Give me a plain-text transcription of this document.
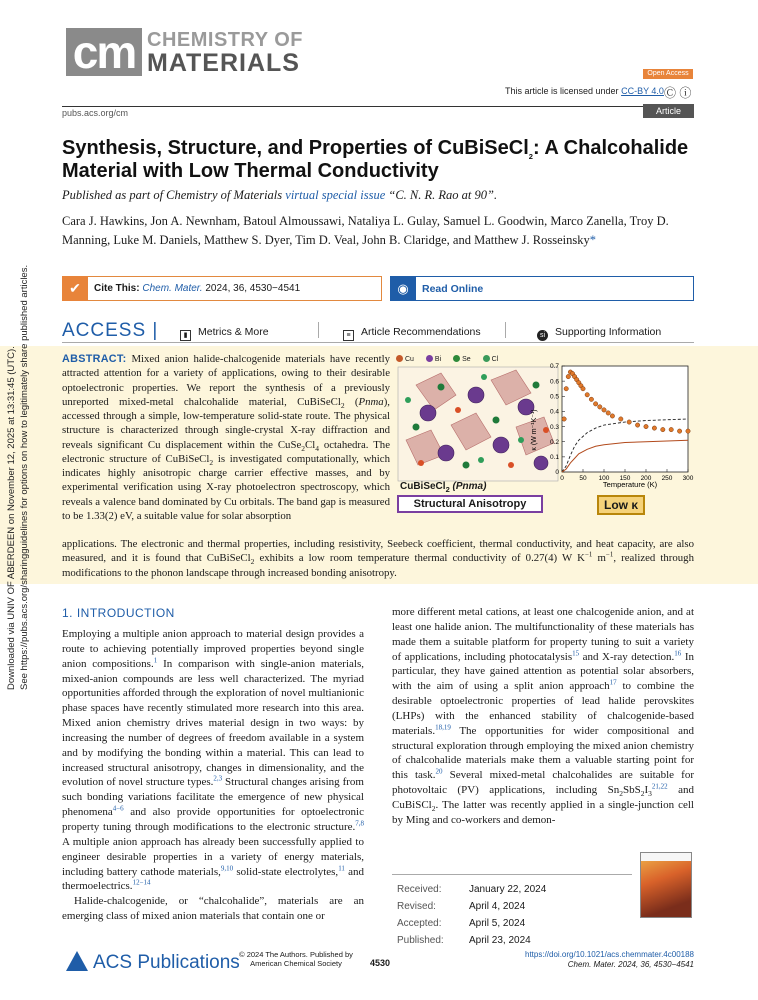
cm CHEMISTRY OF
MATERIALS	Open Access
This article is licensed under CC-BY 4.0 Ⓒ ⓘ
pubs.acs.org/cm	Article
Synthesis, Structure, and Properties of CuBiSeCl$_2$: A Chalcohalide Material with Low Thermal Conductivity
Published as part of Chemistry of Materials virtual special issue “C. N. R. Rao at 90”.
Cara J. Hawkins, Jon A. Newnham, Batoul Almoussawi, Nataliya L. Gulay, Samuel L. Goodwin, Marco Zanella, Troy D. Manning, Luke M. Daniels, Matthew S. Dyer, Tim D. Veal, John B. Claridge, and Matthew J. Rosseinsky*
✔	Cite This: Chem. Mater. 2024, 36, 4530−4541	◉	Read Online
ACCESS |	▮ Metrics & More	≡ Article Recommendations	si Supporting Information
ABSTRACT: Mixed anion halide-chalcogenide materials have recently attracted attention for a variety of applications, owing to their desirable optoelectronic properties. We report the synthesis of a previously unreported mixed-metal chalcohalide material, CuBiSeCl$_2$ (Pnma), accessed through a simple, low-temperature solid-state route. The physical structure is characterized through single-crystal X-ray diffraction and reveals significant Cu displacement within the $CuSe_2Cl_4$ octahedra. The electronic structure of CuBiSeCl$_2$ is investigated computationally, which indicates highly anisotropic charge carrier effective masses, and by experimental verification using X-ray photoelectron spectroscopy, which reveals a valence band dominated by Cu orbitals. The band gap is measured to be 1.33(2) eV, a suitable value for solar absorption
applications. The electronic and thermal properties, including resistivity, Seebeck coefficient, thermal conductivity, and heat capacity, are also measured, and it is found that CuBiSeCl$_2$ exhibits a low room temperature thermal conductivity of 0.27(4) W $K^{-1}$ $m^{-1}$, realized through modifications to the phonon landscape through increased bonding anisotropy.
Cu	Bi	Se	Cl
CuBiSeCl$_2$ (Pnma)
Structural Anisotropy	Low κ
κ (W m⁻¹K⁻¹)
Temperature (K)
0 50 100 150 200 250 300
0
0.1
0.2
0.3
0.4
0.5
0.6
0.7
1. INTRODUCTION

Employing a multiple anion approach to material design provides a route to achieving potentially improved properties beyond single anion compositions.$^1$ In comparison with single-anion materials, mixed-anion compounds are less well characterized. The myriad opportunities afforded through the exploration of novel multianionic phase spaces have recently stimulated more research into this area. Mixed anion chemistry drives material design in two ways: by increasing the number of degrees of freedom available in a system and by modifying the bonding within a material. This can lead to increased structural anisotropy, changes in dimensionality, and the evolution of novel structure types.$^{2,3}$ Structural changes arising from such bonding variations facilitate the emergence of new physical phenomena$^{4-6}$ and also provide opportunities for optoelectronic property tuning through modifications to the electronic structure.$^{7,8}$ A multiple anion approach has already been successfully applied to engineer desirable properties in a variety of energy materials, including battery cathode materials,$^{9,10}$ solid-state electrolytes,$^{11}$ and thermoelectrics.$^{12-14}$

Halide-chalcogenide, or “chalcohalide”, materials are an emerging class of mixed anion materials that contain one or

more different metal cations, at least one chalcogenide anion, and at least one halide anion. The multifunctionality of these materials has made them a suitable platform for property tuning to suit a variety of applications, including photocatalysis$^{15}$ and X-ray detection.$^{16}$ In particular, they have gained attention as potential solar absorbers, with the aim of using a split anion approach$^{17}$ to combine the desirable optoelectronic properties of lead halide perovskites (LHPs) with the enhanced stability of chalcogenide-based materials.$^{18,19}$ The opportunities for wider compositional and structural exploration through employing the mixed anion chemistry of chalcohalide materials make them a valuable starting point for this task.$^{20}$ Several mixed-metal chalcohalides are suitable for photovoltaic (PV) applications, including $Sn_2SbS_2I_3^{21,22}$ and CuBiSCl$_2$. The latter was recently applied in a single-junction cell by Ming and co-workers and demon-

Received:	January 22, 2024
Revised:	April 4, 2024
Accepted:	April 5, 2024
Published:	April 23, 2024
Downloaded via UNIV OF ABERDEEN on November 12, 2025 at 13:31:45 (UTC). See https://pubs.acs.org/sharingguidelines for options on how to legitimately share published articles.
ACS Publications © 2024 The Authors. Published by
American Chemical Society	4530
https://doi.org/10.1021/acs.chemmater.4c00188
Chem. Mater. 2024, 36, 4530−4541
